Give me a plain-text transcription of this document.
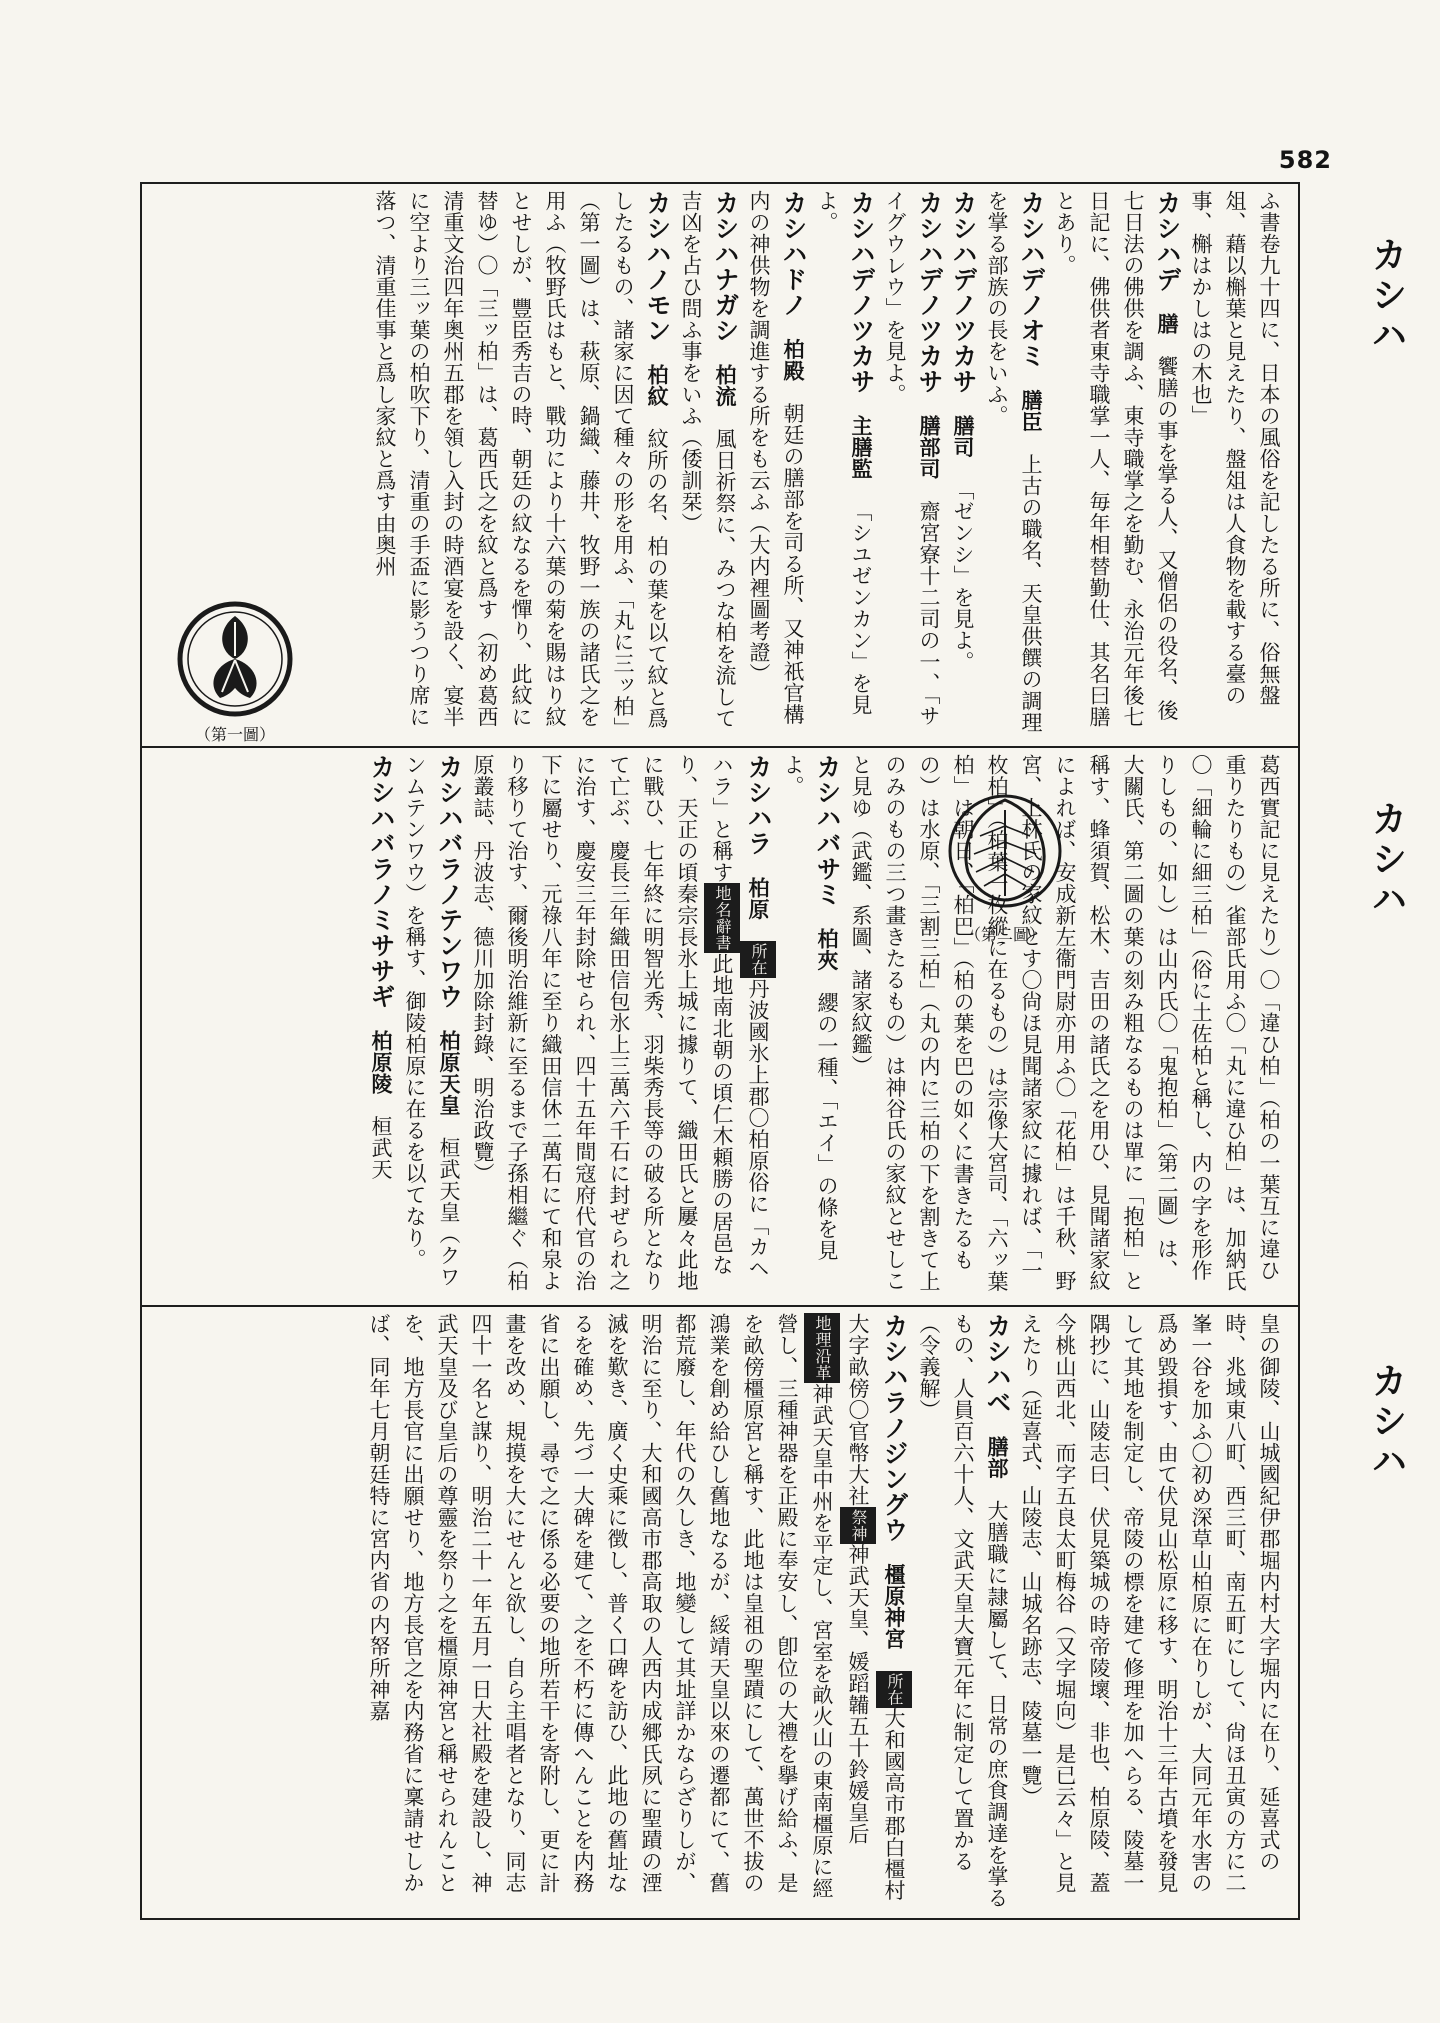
582
カシハ
カシハ
カシハ
（第一圖）
（第二圖）

ふ書卷九十四に、日本の風俗を記したる所に、俗無盤俎、藉以槲葉と見えたり、盤俎は人食物を載する臺の事、槲はかしはの木也」

カシハデ膳饗膳の事を掌る人、又僧侶の役名、後七日法の佛供を調ふ、東寺職掌之を勤む、永治元年後七日記に、佛供者東寺職掌一人、毎年相替勤仕、其名曰膳とあり。

カシハデノオミ膳臣上古の職名、天皇供饌の調理を掌る部族の長をいふ。

カシハデノツカサ膳司「ゼンシ」を見よ。

カシハデノツカサ膳部司齋宮寮十二司の一、「サイグウレウ」を見よ。

カシハデノツカサ主膳監「シユゼンカン」を見よ。

カシハドノ柏殿朝廷の膳部を司る所、又神祇官構内の神供物を調進する所をも云ふ（大内裡圖考證）

カシハナガシ柏流風日祈祭に、みつな柏を流して吉凶を占ひ問ふ事をいふ（倭訓栞）

カシハノモン柏紋紋所の名、柏の葉を以て紋と爲したるもの、諸家に因て種々の形を用ふ、「丸に三ッ柏」（第一圖）は、萩原、鍋織、藤井、牧野一族の諸氏之を用ふ（牧野氏はもと、戰功により十六葉の菊を賜はり紋とせしが、豐臣秀吉の時、朝廷の紋なるを憚り、此紋に替ゆ）〇「三ッ柏」は、葛西氏之を紋と爲す（初め葛西清重文治四年奥州五郡を領し入封の時酒宴を設く、宴半に空より三ッ葉の柏吹下り、清重の手盃に影うつり席に落つ、清重佳事と爲し家紋と爲す由奥州

葛西實記に見えたり）〇「違ひ柏」（柏の一葉互に違ひ重りたりもの）雀部氏用ふ〇「丸に違ひ柏」は、加納氏〇「細輪に細三柏」（俗に土佐柏と稱し、内の字を形作りしもの、如し）は山内氏〇「鬼抱柏」（第二圖）は、大關氏、第二圖の葉の刻み粗なるものは單に「抱柏」と稱す、蜂須賀、松木、吉田の諸氏之を用ひ、見聞諸家紋によれば、安成新左衞門尉亦用ふ〇「花柏」は千秋、野宮、上林氏の家紋とす〇尙ほ見聞諸家紋に據れば、「一枚柏」（柏葉一枚縱に在るもの）は宗像大宮司、「六ッ葉柏」は朝日、「柏巴」（柏の葉を巴の如くに書きたるもの）は水原、「三割三柏」（丸の内に三柏の下を割きて上のみのもの三つ畫きたるもの）は神谷氏の家紋とせしこと見ゆ（武鑑、系圖、諸家紋鑑）

カシハバサミ柏夾纓の一種、「エイ」の條を見よ。

カシハラ柏原所在丹波國氷上郡〇柏原俗に「カヘハラ」と稱す地名辭書此地南北朝の頃仁木頼勝の居邑なり、天正の頃秦宗長氷上城に據りて、織田氏と屢々此地に戰ひ、七年終に明智光秀、羽柴秀長等の破る所となりて亡ぶ、慶長三年織田信包氷上三萬六千石に封ぜられ之に治す、慶安三年封除せられ、四十五年間寇府代官の治下に屬せり、元祿八年に至り織田信休二萬石にて和泉より移りて治す、爾後明治維新に至るまで子孫相繼ぐ（柏原叢誌、丹波志、德川加除封錄、明治政覽）

カシハバラノテンワウ柏原天皇桓武天皇（クワンムテンワウ）を稱す、御陵柏原に在るを以てなり。

カシハバラノミササギ柏原陵桓武天

皇の御陵、山城國紀伊郡堀内村大字堀内に在り、延喜式の時、兆域東八町、西三町、南五町にして、尙ほ丑寅の方に二峯一谷を加ふ〇初め深草山柏原に在りしが、大同元年水害の爲め毀損す、由て伏見山松原に移す、明治十三年古墳を發見して其地を制定し、帝陵の標を建て修理を加へらる、陵墓一隅抄に、山陵志曰、伏見築城の時帝陵壞、非也、柏原陵、蓋今桃山西北、而字五良太町梅谷（又字堀向）是已云々」と見えたり（延喜式、山陵志、山城名跡志、陵墓一覽）

カシハベ膳部大膳職に隷屬して、日常の庶食調達を掌るもの、人員百六十人、文武天皇大寶元年に制定して置かる（令義解）

カシハラノジングウ橿原神宮所在大和國高市郡白橿村大字畝傍〇官幣大社祭神神武天皇、媛蹈韛五十鈴媛皇后地理沿革神武天皇中州を平定し、宮室を畝火山の東南橿原に經營し、三種神器を正殿に奉安し、卽位の大禮を擧げ給ふ、是を畝傍橿原宮と稱す、此地は皇祖の聖蹟にして、萬世不拔の鴻業を創め給ひし舊地なるが、綏靖天皇以來の遷都にて、舊都荒廢し、年代の久しき、地變して其址詳かならざりしが、明治に至り、大和國高市郡高取の人西内成郷氏夙に聖蹟の湮滅を歎き、廣く史乘に徴し、普く口碑を訪ひ、此地の舊址なるを確め、先づ一大碑を建て、之を不朽に傳へんことを内務省に出願し、尋で之に係る必要の地所若干を寄附し、更に計畫を改め、規摸を大にせんと欲し、自ら主唱者となり、同志四十一名と謀り、明治二十一年五月一日大社殿を建設し、神武天皇及び皇后の尊靈を祭り之を橿原神宮と稱せられんことを、地方長官に出願せり、地方長官之を内務省に稟請せしかば、同年七月朝廷特に宮内省の内帑所神嘉
